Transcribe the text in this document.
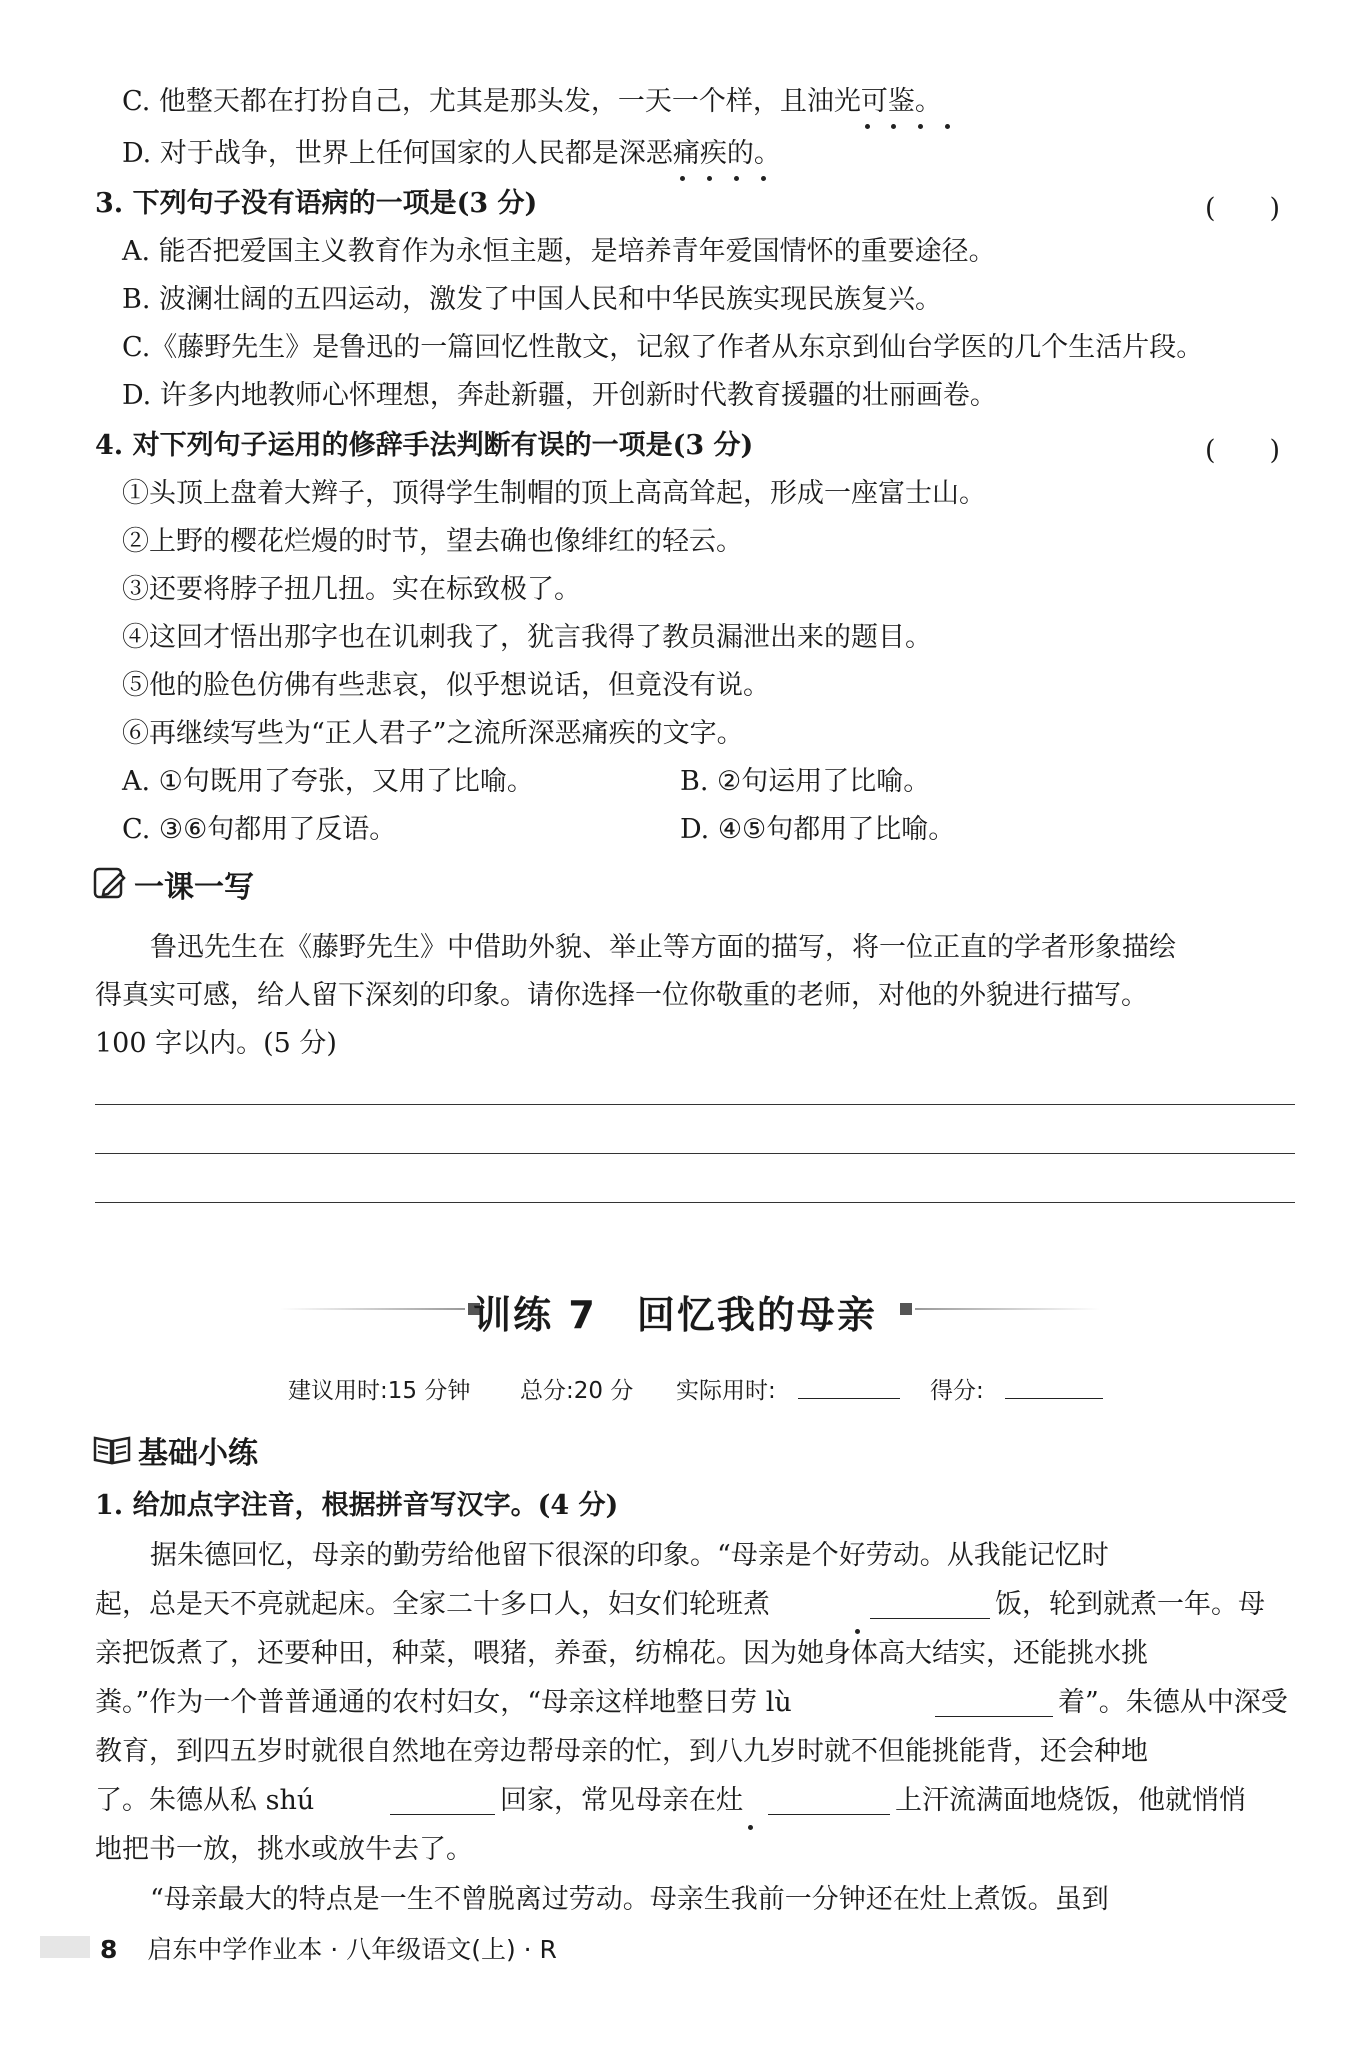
C. 他整天都在打扮自己，尤其是那头发，一天一个样，且油光可鉴。
D. 对于战争，世界上任何国家的人民都是深恶痛疾的。
3. 下列句子没有语病的一项是(3 分)	(　　)
A. 能否把爱国主义教育作为永恒主题，是培养青年爱国情怀的重要途径。
B. 波澜壮阔的五四运动，激发了中国人民和中华民族实现民族复兴。
C.《藤野先生》是鲁迅的一篇回忆性散文，记叙了作者从东京到仙台学医的几个生活片段。
D. 许多内地教师心怀理想，奔赴新疆，开创新时代教育援疆的壮丽画卷。
4. 对下列句子运用的修辞手法判断有误的一项是(3 分)	(　　)
①头顶上盘着大辫子，顶得学生制帽的顶上高高耸起，形成一座富士山。
②上野的樱花烂熳的时节，望去确也像绯红的轻云。
③还要将脖子扭几扭。实在标致极了。
④这回才悟出那字也在讥刺我了，犹言我得了教员漏泄出来的题目。
⑤他的脸色仿佛有些悲哀，似乎想说话，但竟没有说。
⑥再继续写些为“正人君子”之流所深恶痛疾的文字。
A. ①句既用了夸张，又用了比喻。	B. ②句运用了比喻。
C. ③⑥句都用了反语。	D. ④⑤句都用了比喻。
一课一写
鲁迅先生在《藤野先生》中借助外貌、举止等方面的描写，将一位正直的学者形象描绘
得真实可感，给人留下深刻的印象。请你选择一位你敬重的老师，对他的外貌进行描写。
100 字以内。(5 分)
训练 7　回忆我的母亲
建议用时:15 分钟 总分:20 分 实际用时:	得分:
基础小练
1. 给加点字注音，根据拼音写汉字。(4 分)
据朱德回忆，母亲的勤劳给他留下很深的印象。“母亲是个好劳动。从我能记忆时
起，总是天不亮就起床。全家二十多口人，妇女们轮班煮	饭，轮到就煮一年。母
亲把饭煮了，还要种田，种菜，喂猪，养蚕，纺棉花。因为她身体高大结实，还能挑水挑
粪。”作为一个普普通通的农村妇女，“母亲这样地整日劳 lù	着”。朱德从中深受
教育，到四五岁时就很自然地在旁边帮母亲的忙，到八九岁时就不但能挑能背，还会种地
了。朱德从私 shú	回家，常见母亲在灶	上汗流满面地烧饭，他就悄悄
地把书一放，挑水或放牛去了。
“母亲最大的特点是一生不曾脱离过劳动。母亲生我前一分钟还在灶上煮饭。虽到
8 启东中学作业本 · 八年级语文(上) · R
